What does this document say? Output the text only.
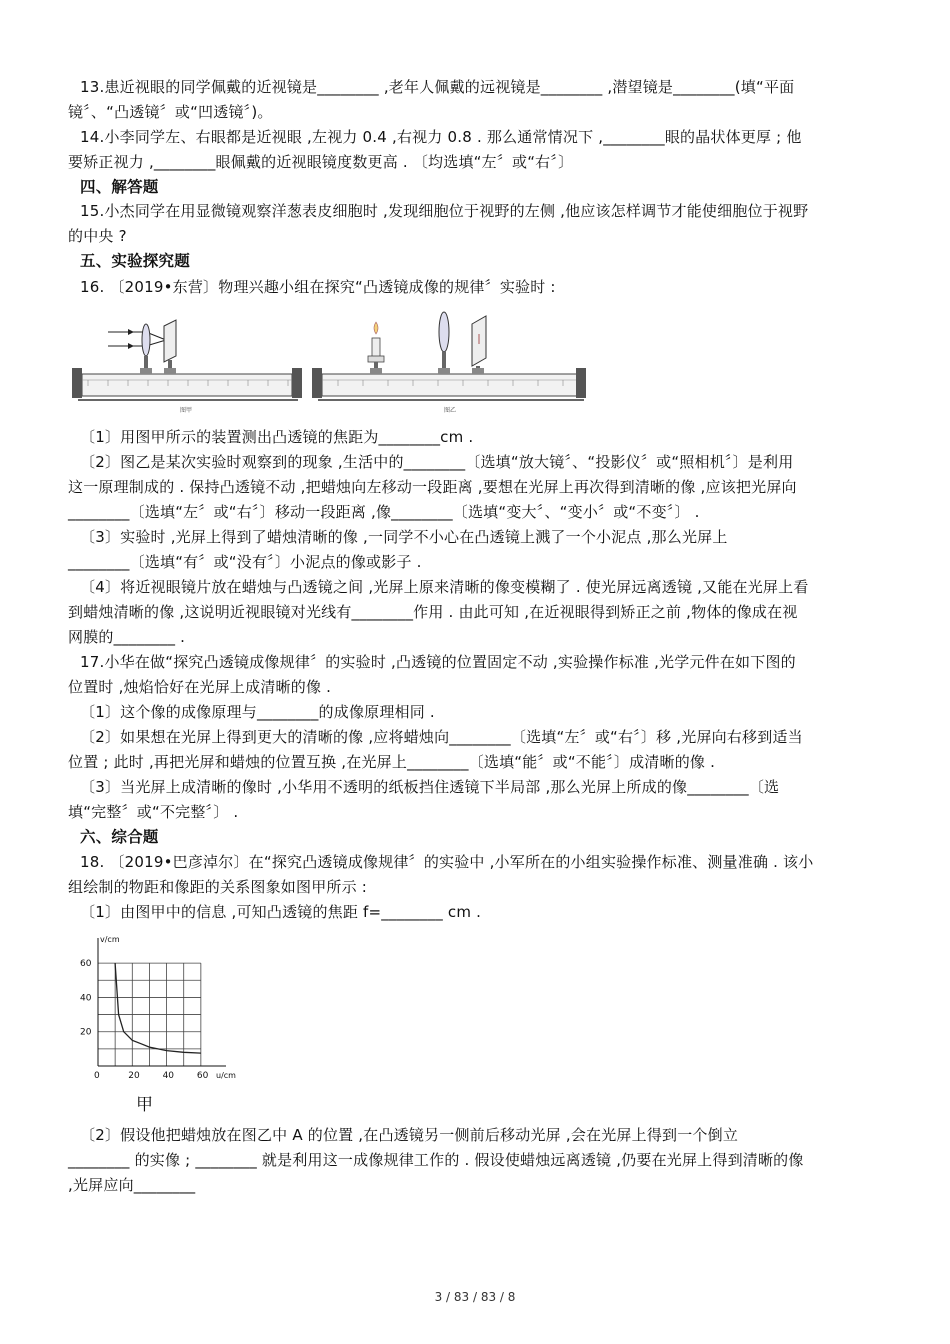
13.患近视眼的同学佩戴的近视镜是________ ,老年人佩戴的远视镜是________ ,潜望镜是________(填“平面
镜〞、“凸透镜〞或“凹透镜〞)。
14.小李同学左、右眼都是近视眼 ,左视力 0.4 ,右视力 0.8 . 那么通常情况下 ,________眼的晶状体更厚 ; 他
要矫正视力 ,________眼佩戴的近视眼镜度数更高 . 〔均选填“左〞或“右〞〕
四、解答题
15.小杰同学在用显微镜观察洋葱表皮细胞时 ,发现细胞位于视野的左侧 ,他应该怎样调节才能使细胞位于视野
的中央 ?
五、实验探究题
16. 〔2019•东营〕物理兴趣小组在探究“凸透镜成像的规律〞实验时 :
〔1〕用图甲所示的装置测出凸透镜的焦距为________cm .
〔2〕图乙是某次实验时观察到的现象 ,生活中的________〔选填“放大镜〞、“投影仪〞或“照相机〞〕是利用
这一原理制成的 . 保持凸透镜不动 ,把蜡烛向左移动一段距离 ,要想在光屏上再次得到清晰的像 ,应该把光屏向
________〔选填“左〞或“右〞〕移动一段距离 ,像________〔选填“变大〞、“变小〞或“不变〞〕 .
〔3〕实验时 ,光屏上得到了蜡烛清晰的像 ,一同学不小心在凸透镜上溅了一个小泥点 ,那么光屏上
________〔选填“有〞或“没有〞〕小泥点的像或影子 .
〔4〕将近视眼镜片放在蜡烛与凸透镜之间 ,光屏上原来清晰的像变模糊了 . 使光屏远离透镜 ,又能在光屏上看
到蜡烛清晰的像 ,这说明近视眼镜对光线有________作用 . 由此可知 ,在近视眼得到矫正之前 ,物体的像成在视
网膜的________ .
17.小华在做“探究凸透镜成像规律〞的实验时 ,凸透镜的位置固定不动 ,实验操作标准 ,光学元件在如下图的
位置时 ,烛焰恰好在光屏上成清晰的像 .
〔1〕这个像的成像原理与________的成像原理相同 .
〔2〕如果想在光屏上得到更大的清晰的像 ,应将蜡烛向________〔选填“左〞或“右〞〕移 ,光屏向右移到适当
位置 ; 此时 ,再把光屏和蜡烛的位置互换 ,在光屏上________〔选填“能〞或“不能〞〕成清晰的像 .
〔3〕当光屏上成清晰的像时 ,小华用不透明的纸板挡住透镜下半局部 ,那么光屏上所成的像________〔选
填“完整〞或“不完整〞〕 .
六、综合题
18. 〔2019•巴彦淖尔〕在“探究凸透镜成像规律〞的实验中 ,小军所在的小组实验操作标准、测量准确 . 该小
组绘制的物距和像距的关系图象如图甲所示 :
〔1〕由图甲中的信息 ,可知凸透镜的焦距 f=________ cm .
〔2〕假设他把蜡烛放在图乙中 A 的位置 ,在凸透镜另一侧前后移动光屏 ,会在光屏上得到一个倒立
________ 的实像 ; ________ 就是利用这一成像规律工作的 . 假设使蜡烛远离透镜 ,仍要在光屏上得到清晰的像
,光屏应向________
图甲	图乙
u/cm
v/cm
0	20	40	60
20
40
60
甲
3 / 83 / 83 / 8
